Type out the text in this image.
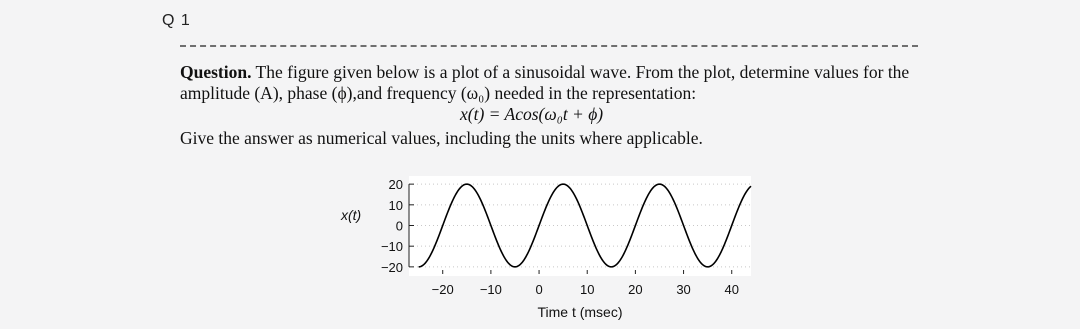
Q 1
Question. The figure given below is a plot of a sinusoidal wave. From the plot, determine values for the amplitude (A), phase (ϕ),and frequency (ω₀) needed in the representation:
x(t) = Acos(ω₀t + ϕ)
Give the answer as numerical values, including the units where applicable.
20
10
0
−10
−20
−20 −10	0	10	20	30	40
x(t)
Time t (msec)
